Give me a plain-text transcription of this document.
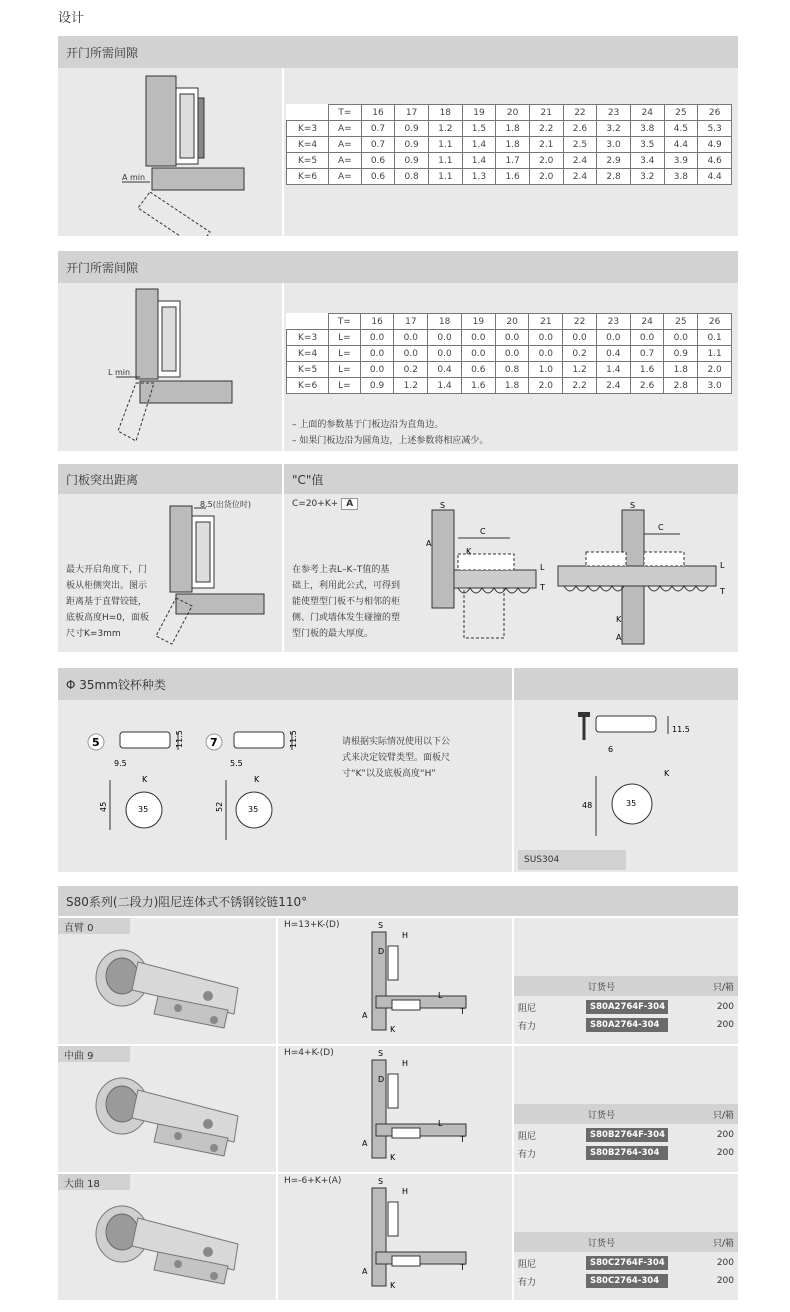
设计
开门所需间隙
A min
	T=	16	17	18	19	20	21	22	23	24	25	26
K=3	A=	0.7	0.9	1.2	1.5	1.8	2.2	2.6	3.2	3.8	4.5	5.3
K=4	A=	0.7	0.9	1.1	1.4	1.8	2.1	2.5	3.0	3.5	4.4	4.9
K=5	A=	0.6	0.9	1.1	1.4	1.7	2.0	2.4	2.9	3.4	3.9	4.6
K=6	A=	0.6	0.8	1.1	1.3	1.6	2.0	2.4	2.8	3.2	3.8	4.4
开门所需间隙
L min
	T=	16	17	18	19	20	21	22	23	24	25	26
K=3	L=	0.0	0.0	0.0	0.0	0.0	0.0	0.0	0.0	0.0	0.0	0.1
K=4	L=	0.0	0.0	0.0	0.0	0.0	0.0	0.2	0.4	0.7	0.9	1.1
K=5	L=	0.0	0.2	0.4	0.6	0.8	1.0	1.2	1.4	1.6	1.8	2.0
K=6	L=	0.9	1.2	1.4	1.6	1.8	2.0	2.2	2.4	2.6	2.8	3.0
– 上面的参数基于门板边沿为直角边。
– 如果门板边沿为圆角边，上述参数将相应减少。
门板突出距离	"C"值
最大开启角度下，门
板从柜侧突出。图示
距离基于直臂铰链，
底板高度H=0，面板
尺寸K=3mm
8.5(出货位时)	C=20+K+ A
在参考上表L–K–T值的基
础上，利用此公式，可得到
能使塑型门板不与相邻的柜
侧、门或墙体发生碰撞的塑
型门板的最大厚度。
S
C
A
K
L
T
S
C
K
A
L
T
Φ 35mm铰杯种类
5	11.5
9.5
35
K
45
7	11.5
5.5
35
K
52
请根据实际情况使用以下公
式来决定铰臂类型。面板尺
寸“K”以及底板高度“H”
11.5
6
35
K
48
SUS304
S80系列(二段力)阻尼连体式不锈钢铰链110°
直臂 0	H=13+K-(D)	S
H
D
L
T
A
K
订货号	只/箱
阻尼	S80A2764F-304	200
有力	S80A2764-304	200
中曲 9	H=4+K-(D)	S
H
D
L
T
A
K
订货号	只/箱
阻尼	S80B2764F-304	200
有力	S80B2764-304	200
大曲 18	H=-6+K+(A)	S
H
T
A
K
订货号	只/箱
阻尼	S80C2764F-304	200
有力	S80C2764-304	200
